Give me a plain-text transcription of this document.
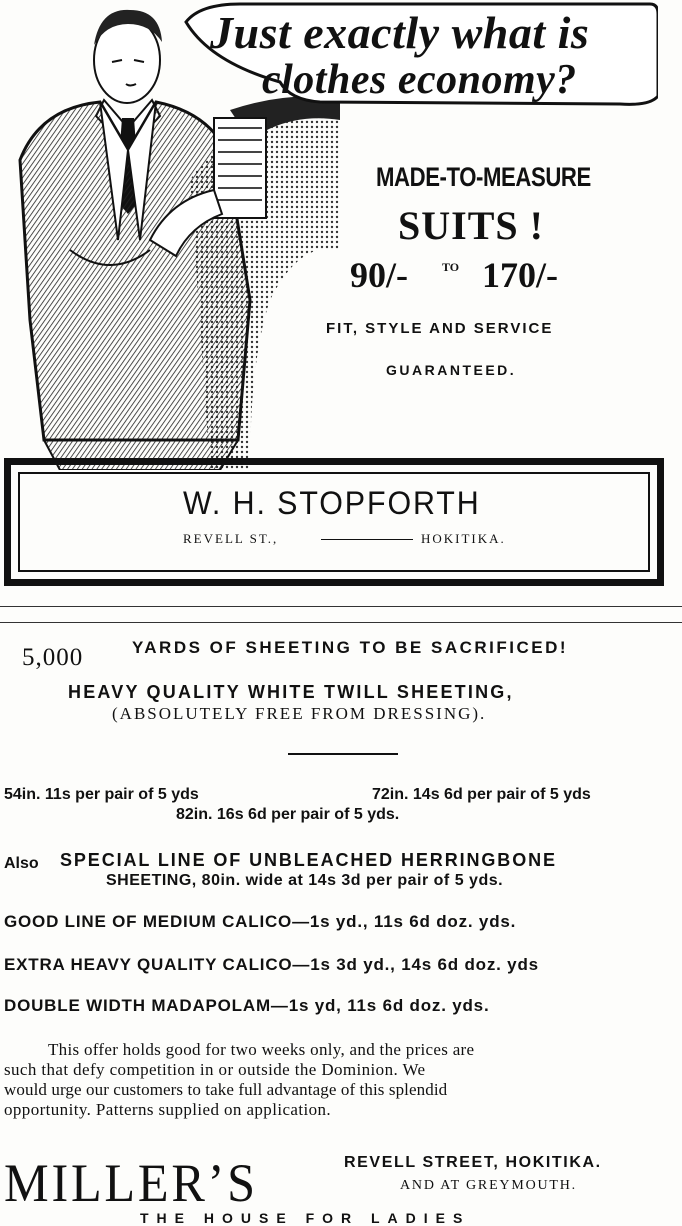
Just exactly what is
clothes economy?
MADE-TO-MEASURE
SUITS !
90/-	TO 170/-
FIT, STYLE AND SERVICE
GUARANTEED.
W. H. STOPFORTH
REVELL ST.,	HOKITIKA.
5,000	YARDS OF SHEETING TO BE SACRIFICED!
HEAVY QUALITY WHITE TWILL SHEETING,
(ABSOLUTELY FREE FROM DRESSING).
54in. 11s per pair of 5 yds	72in. 14s 6d per pair of 5 yds
82in. 16s 6d per pair of 5 yds.
Also SPECIAL LINE OF UNBLEACHED HERRINGBONE
SHEETING, 80in. wide at 14s 3d per pair of 5 yds.
GOOD LINE OF MEDIUM CALICO—1s yd., 11s 6d doz. yds.
EXTRA HEAVY QUALITY CALICO—1s 3d yd., 14s 6d doz. yds
DOUBLE WIDTH MADAPOLAM—1s yd, 11s 6d doz. yds.
This offer holds good for two weeks only, and the prices are
such that defy competition in or outside the Dominion. We
would urge our customers to take full advantage of this splendid
opportunity. Patterns supplied on application.
MILLER’S	REVELL STREET, HOKITIKA.
AND AT GREYMOUTH.
THE HOUSE FOR LADIES
